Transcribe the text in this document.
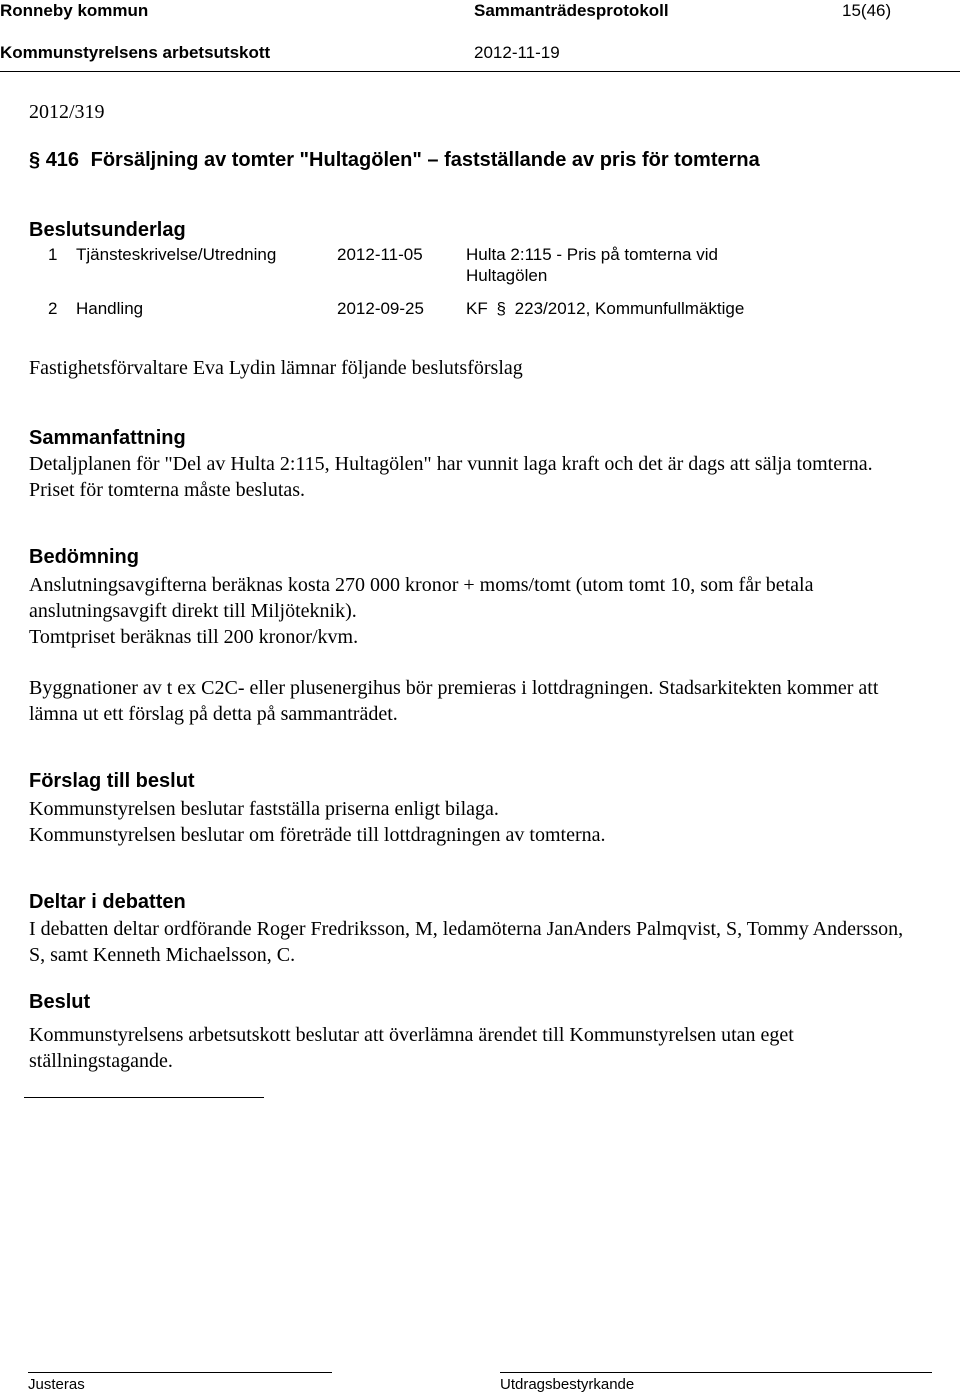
Ronneby kommun	Sammanträdesprotokoll	15(46)
Kommunstyrelsens arbetsutskott	2012-11-19
2012/319
§ 416 Försäljning av tomter "Hultagölen" – fastställande av pris för tomterna
Beslutsunderlag
1 Tjänsteskrivelse/Utredning	2012-11-05	Hulta 2:115 - Pris på tomterna vid
Hultagölen
2 Handling	2012-09-25 KF § 223/2012, Kommunfullmäktige
Fastighetsförvaltare Eva Lydin lämnar följande beslutsförslag
Sammanfattning
Detaljplanen för "Del av Hulta 2:115, Hultagölen" har vunnit laga kraft och det är dags att sälja tomterna. Priset för tomterna måste beslutas.
Bedömning
Anslutningsavgifterna beräknas kosta 270 000 kronor + moms/tomt (utom tomt 10, som får betala anslutningsavgift direkt till Miljöteknik).
Tomtpriset beräknas till 200 kronor/kvm.
Byggnationer av t ex C2C- eller plusenergihus bör premieras i lottdragningen. Stadsarkitekten kommer att lämna ut ett förslag på detta på sammanträdet.
Förslag till beslut
Kommunstyrelsen beslutar fastställa priserna enligt bilaga.
Kommunstyrelsen beslutar om företräde till lottdragningen av tomterna.
Deltar i debatten
I debatten deltar ordförande Roger Fredriksson, M, ledamöterna JanAnders Palmqvist, S, Tommy Andersson, S, samt Kenneth Michaelsson, C.
Beslut
Kommunstyrelsens arbetsutskott beslutar att överlämna ärendet till Kommunstyrelsen utan eget ställningstagande.
Justeras	Utdragsbestyrkande
